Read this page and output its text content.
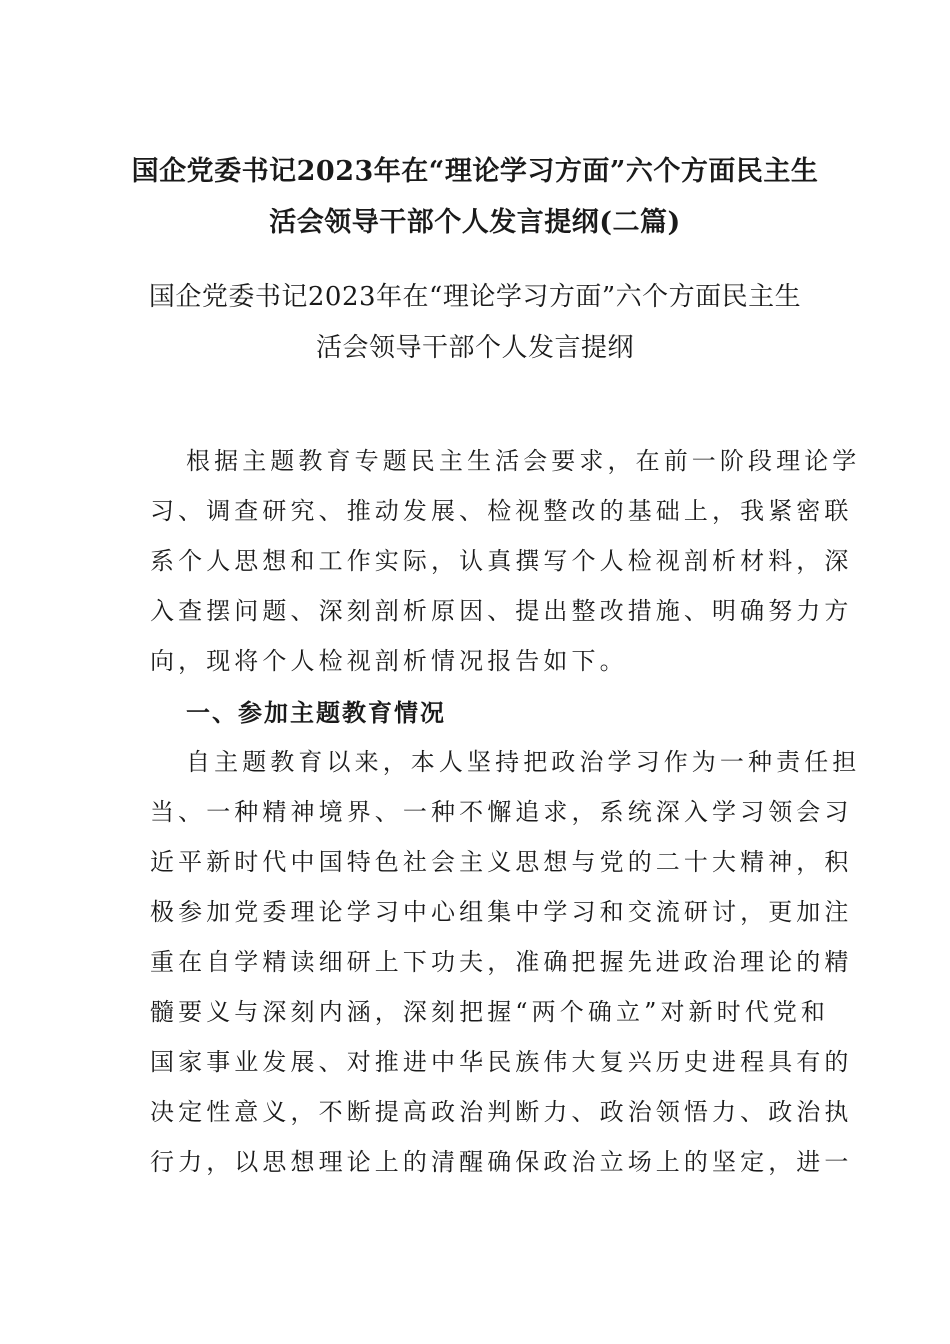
国企党委书记2023年在“理论学习方面”六个方面民主生
活会领导干部个人发言提纲(二篇)
国企党委书记2023年在“理论学习方面”六个方面民主生
活会领导干部个人发言提纲
根据主题教育专题民主生活会要求，在前一阶段理论学
习、调查研究、推动发展、检视整改的基础上，我紧密联
系个人思想和工作实际，认真撰写个人检视剖析材料，深
入查摆问题、深刻剖析原因、提出整改措施、明确努力方
向，现将个人检视剖析情况报告如下。
一、参加主题教育情况
自主题教育以来，本人坚持把政治学习作为一种责任担
当、一种精神境界、一种不懈追求，系统深入学习领会习
近平新时代中国特色社会主义思想与党的二十大精神，积
极参加党委理论学习中心组集中学习和交流研讨，更加注
重在自学精读细研上下功夫，准确把握先进政治理论的精
髓要义与深刻内涵，深刻把握“两个确立”对新时代党和
国家事业发展、对推进中华民族伟大复兴历史进程具有的
决定性意义，不断提高政治判断力、政治领悟力、政治执
行力，以思想理论上的清醒确保政治立场上的坚定，进一
